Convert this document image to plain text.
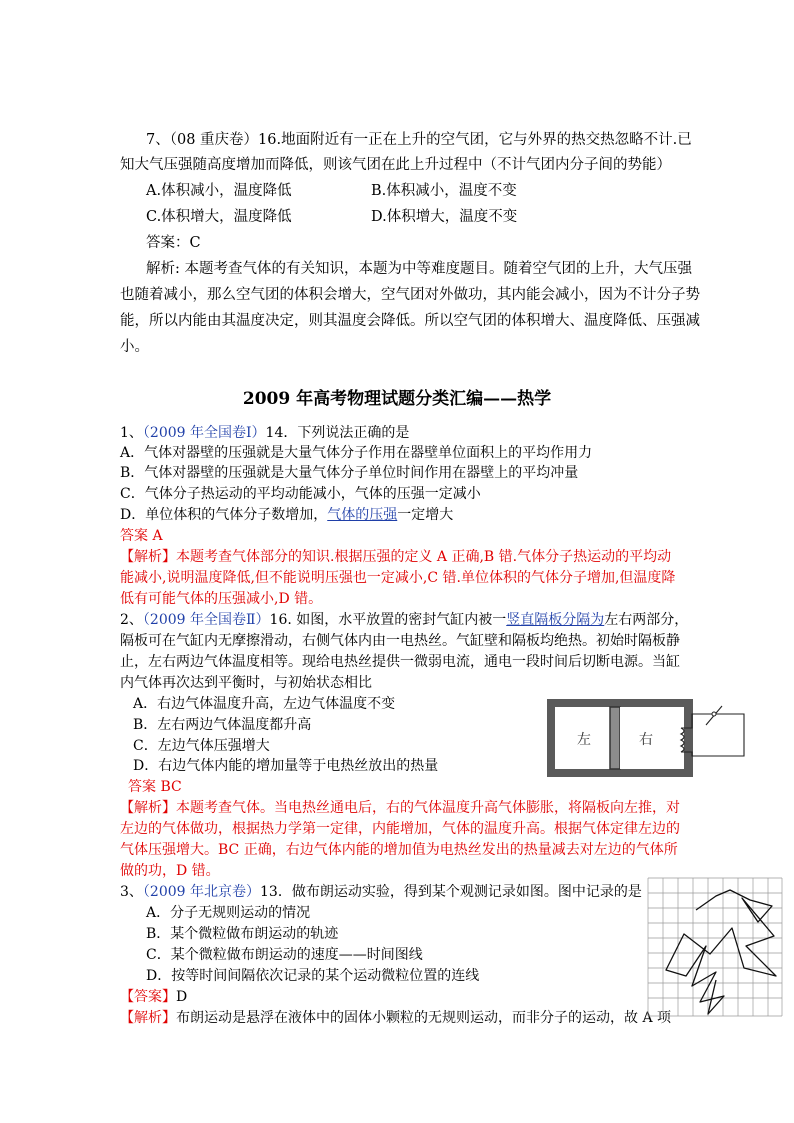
7、（08 重庆卷）16.地面附近有一正在上升的空气团，它与外界的热交热忽略不计.已
知大气压强随高度增加而降低，则该气团在此上升过程中（不计气团内分子间的势能）
A.体积减小，温度降低	B.体积减小，温度不变
C.体积增大，温度降低	D.体积增大，温度不变
答案：C
解析: 本题考查气体的有关知识，本题为中等难度题目。随着空气团的上升，大气压强
也随着减小，那么空气团的体积会增大，空气团对外做功，其内能会减小，因为不计分子势
能，所以内能由其温度决定，则其温度会降低。所以空气团的体积增大、温度降低、压强减
小。
2009 年高考物理试题分类汇编——热学
1、（2009 年全国卷Ⅰ）14．下列说法正确的是
A．气体对器壁的压强就是大量气体分子作用在器壁单位面积上的平均作用力
B．气体对器壁的压强就是大量气体分子单位时间作用在器壁上的平均冲量
C．气体分子热运动的平均动能减小，气体的压强一定减小
D．单位体积的气体分子数增加，气体的压强一定增大
答案 A
【解析】本题考查气体部分的知识.根据压强的定义 A 正确,B 错.气体分子热运动的平均动
能减小,说明温度降低,但不能说明压强也一定减小,C 错.单位体积的气体分子增加,但温度降
低有可能气体的压强减小,D 错。
2、（2009 年全国卷Ⅱ）16. 如图，水平放置的密封气缸内被一竖直隔板分隔为左右两部分，
隔板可在气缸内无摩擦滑动，右侧气体内由一电热丝。气缸壁和隔板均绝热。初始时隔板静
止，左右两边气体温度相等。现给电热丝提供一微弱电流，通电一段时间后切断电源。当缸
内气体再次达到平衡时，与初始状态相比
A．右边气体温度升高，左边气体温度不变
B．左右两边气体温度都升高
C．左边气体压强增大
D．右边气体内能的增加量等于电热丝放出的热量
答案 BC
【解析】本题考查气体。当电热丝通电后，右的气体温度升高气体膨胀，将隔板向左推，对
左边的气体做功，根据热力学第一定律，内能增加，气体的温度升高。根据气体定律左边的
气体压强增大。BC 正确，右边气体内能的增加值为电热丝发出的热量减去对左边的气体所
做的功，D 错。
左	右
3、（2009 年北京卷）13．做布朗运动实验，得到某个观测记录如图。图中记录的是
A．分子无规则运动的情况
B．某个微粒做布朗运动的轨迹
C．某个微粒做布朗运动的速度——时间图线
D．按等时间间隔依次记录的某个运动微粒位置的连线
【答案】D
【解析】布朗运动是悬浮在液体中的固体小颗粒的无规则运动，而非分子的运动，故 A 项
